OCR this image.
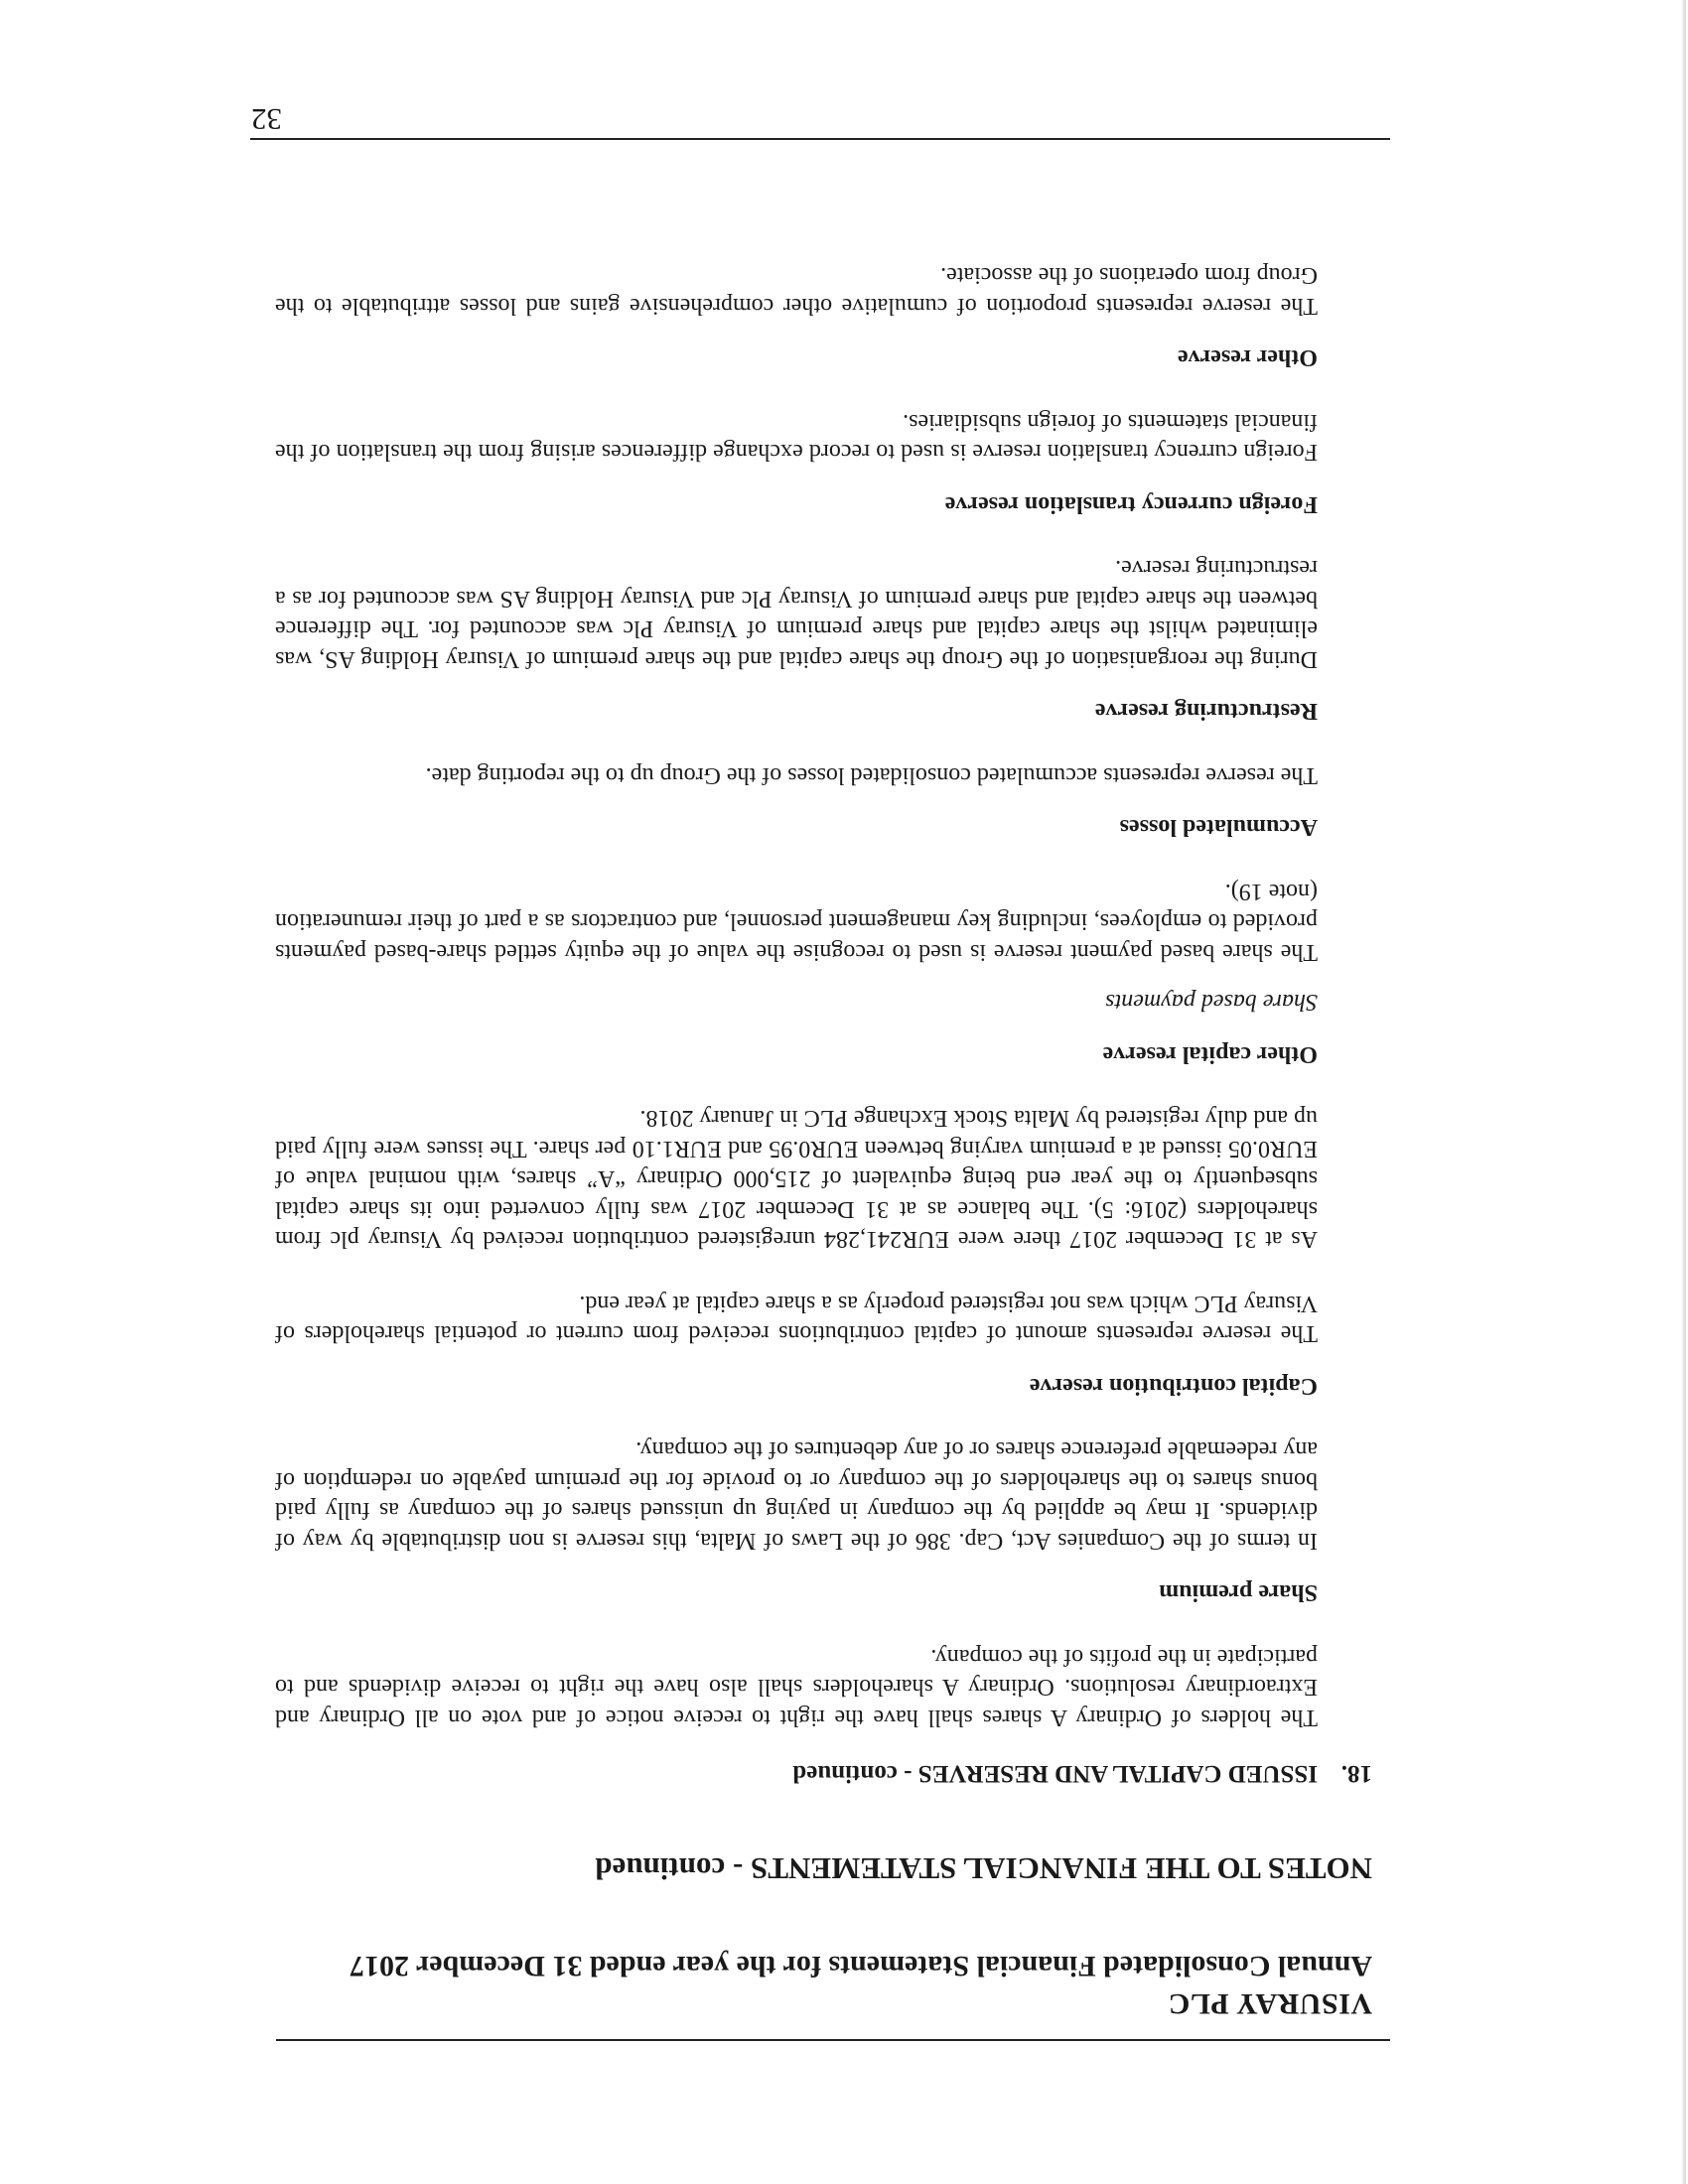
VISURAY PLC
Annual Consolidated Financial Statements for the year ended 31 December 2017
NOTES TO THE FINANCIAL STATEMENTS - continued
18.
ISSUED CAPITAL AND RESERVES - continued

The holders of Ordinary A shares shall have the right to receive notice of and vote on all Ordinary and Extraordinary resolutions. Ordinary A shareholders shall also have the right to receive dividends and to participate in the profits of the company.

Share premium

In terms of the Companies Act, Cap. 386 of the Laws of Malta, this reserve is non distributable by way of dividends. It may be applied by the company in paying up unissued shares of the company as fully paid bonus shares to the shareholders of the company or to provide for the premium payable on redemption of any redeemable preference shares or of any debentures of the company.

Capital contribution reserve

The reserve represents amount of capital contributions received from current or potential shareholders of Visuray PLC which was not registered properly as a share capital at year end.

As at 31 December 2017 there were EUR241,284 unregistered contribution received by Visuray plc from shareholders (2016: 5). The balance as at 31 December 2017 was fully converted into its share capital subsequently to the year end being equivalent of 215,000 Ordinary “A” shares, with nominal value of EUR0.05 issued at a premium varying between EUR0.95 and EUR1.10 per share. The issues were fully paid up and duly registered by Malta Stock Exchange PLC in January 2018.

Other capital reserve
Share based payments

The share based payment reserve is used to recognise the value of the equity settled share-based payments provided to employees, including key management personnel, and contractors as a part of their remuneration (note 19).

Accumulated losses

The reserve represents accumulated consolidated losses of the Group up to the reporting date.

Restructuring reserve

During the reorganisation of the Group the share capital and the share premium of Visuray Holding AS, was eliminated whilst the share capital and share premium of Visuray Plc was accounted for. The difference between the share capital and share premium of Visuray Plc and Visuray Holding AS was accounted for as a restructuring reserve.

Foreign currency translation reserve

Foreign currency translation reserve is used to record exchange differences arising from the translation of the financial statements of foreign subsidiaries.

Other reserve

The reserve represents proportion of cumulative other comprehensive gains and losses attributable to the Group from operations of the associate.

32
